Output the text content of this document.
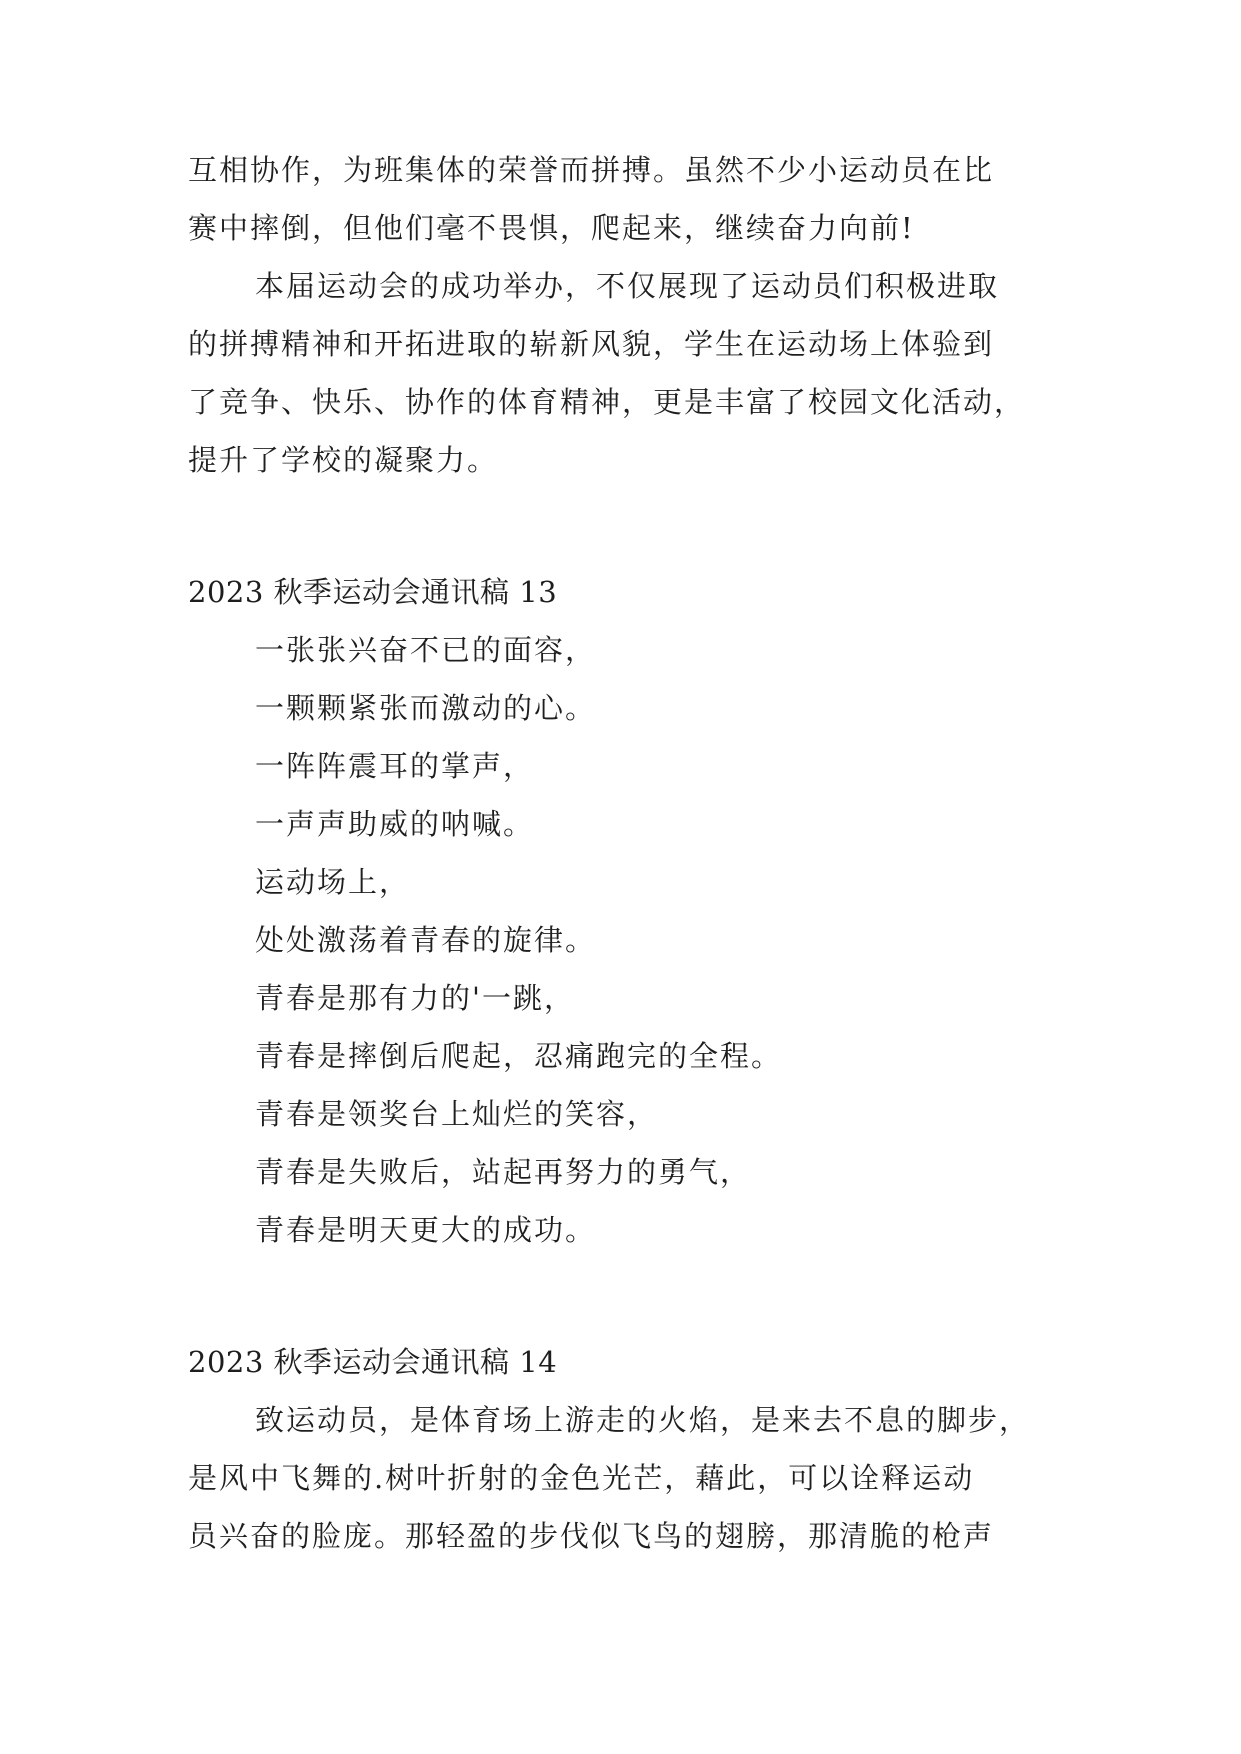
互相协作，为班集体的荣誉而拼搏。虽然不少小运动员在比
赛中摔倒，但他们毫不畏惧，爬起来，继续奋力向前!
本届运动会的成功举办，不仅展现了运动员们积极进取
的拼搏精神和开拓进取的崭新风貌，学生在运动场上体验到
了竞争、快乐、协作的体育精神，更是丰富了校园文化活动，
提升了学校的凝聚力。
2023 秋季运动会通讯稿 13
一张张兴奋不已的面容，
一颗颗紧张而激动的心。
一阵阵震耳的掌声，
一声声助威的呐喊。
运动场上，
处处激荡着青春的旋律。
青春是那有力的'一跳，
青春是摔倒后爬起，忍痛跑完的全程。
青春是领奖台上灿烂的笑容，
青春是失败后，站起再努力的勇气，
青春是明天更大的成功。
2023 秋季运动会通讯稿 14
致运动员，是体育场上游走的火焰，是来去不息的脚步，
是风中飞舞的.树叶折射的金色光芒，藉此，可以诠释运动
员兴奋的脸庞。那轻盈的步伐似飞鸟的翅膀，那清脆的枪声
